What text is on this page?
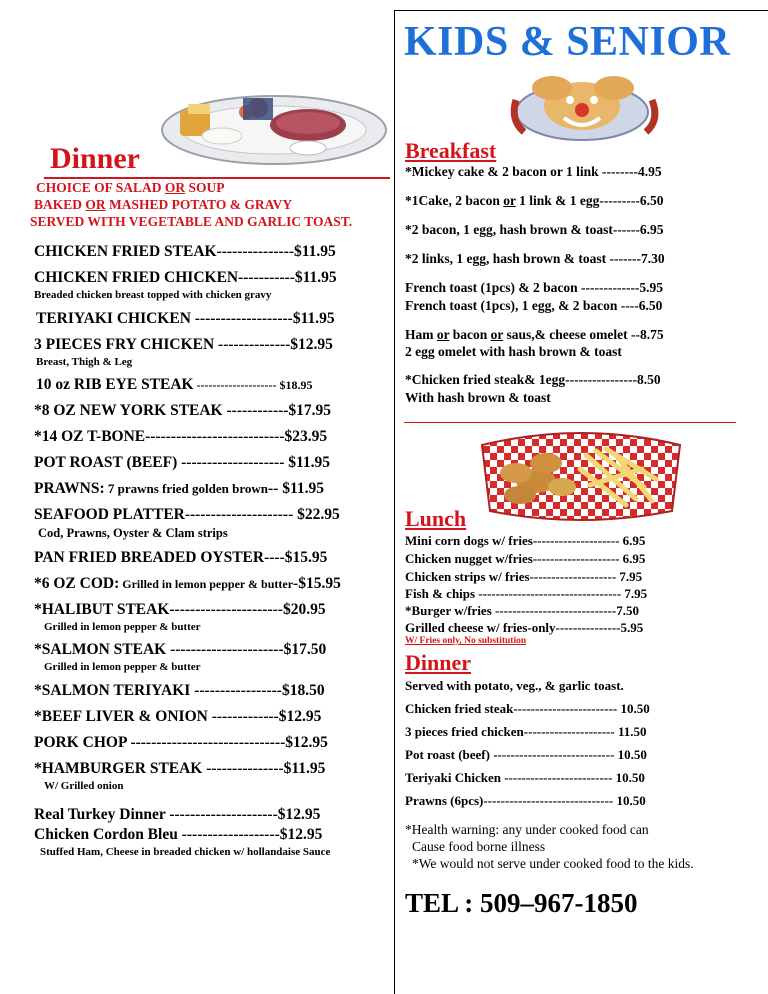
Dinner
CHOICE OF SALAD OR SOUP
BAKED OR MASHED POTATO & GRAVY
SERVED WITH VEGETABLE AND GARLIC TOAST.
CHICKEN FRIED STEAK---------------$11.95
CHICKEN FRIED CHICKEN-----------$11.95
Breaded chicken breast topped with chicken gravy
TERIYAKI CHICKEN -------------------$11.95
3 PIECES FRY CHICKEN --------------$12.95
Breast, Thigh & Leg
10 oz RIB EYE STEAK -------------------- $18.95
*8 OZ NEW YORK STEAK ------------$17.95
*14 OZ T-BONE---------------------------$23.95
POT ROAST (BEEF) -------------------- $11.95
PRAWNS: 7 prawns fried golden brown-- $11.95
SEAFOOD PLATTER--------------------- $22.95
Cod, Prawns, Oyster & Clam strips
PAN FRIED BREADED OYSTER----$15.95
*6 OZ COD: Grilled in lemon pepper & butter-$15.95
*HALIBUT STEAK----------------------$20.95
Grilled in lemon pepper & butter
*SALMON STEAK ----------------------$17.50
Grilled in lemon pepper & butter
*SALMON TERIYAKI -----------------$18.50
*BEEF LIVER & ONION -------------$12.95
PORK CHOP ------------------------------$12.95
*HAMBURGER STEAK ---------------$11.95
W/ Grilled onion
Real Turkey Dinner ---------------------$12.95
Chicken Cordon Bleu -------------------$12.95
Stuffed Ham, Cheese in breaded chicken w/ hollandaise Sauce
KIDS & SENIOR
Breakfast
*Mickey cake & 2 bacon or 1 link --------4.95
*1Cake, 2 bacon or 1 link & 1 egg---------6.50
*2 bacon, 1 egg, hash brown & toast------6.95
*2 links, 1 egg, hash brown & toast -------7.30
French toast (1pcs) & 2 bacon -------------5.95
French toast (1pcs), 1 egg, & 2 bacon ----6.50
Ham or bacon or saus,& cheese omelet --8.75
2 egg omelet with hash brown & toast
*Chicken fried steak& 1egg----------------8.50
With hash brown & toast
Lunch
Mini corn dogs w/ fries-------------------- 6.95
Chicken nugget w/fries-------------------- 6.95
Chicken strips w/ fries-------------------- 7.95
Fish & chips --------------------------------- 7.95
*Burger w/fries ----------------------------7.50
Grilled cheese w/ fries-only---------------5.95
W/ Fries only, No substitution
Dinner
Served with potato, veg., & garlic toast.
Chicken fried steak------------------------ 10.50
3 pieces fried chicken--------------------- 11.50
Pot roast (beef) ---------------------------- 10.50
Teriyaki Chicken ------------------------- 10.50
Prawns (6pcs)------------------------------ 10.50
*Health warning: any under cooked food can
Cause food borne illness
*We would not serve under cooked food to the kids.
TEL : 509–967-1850
